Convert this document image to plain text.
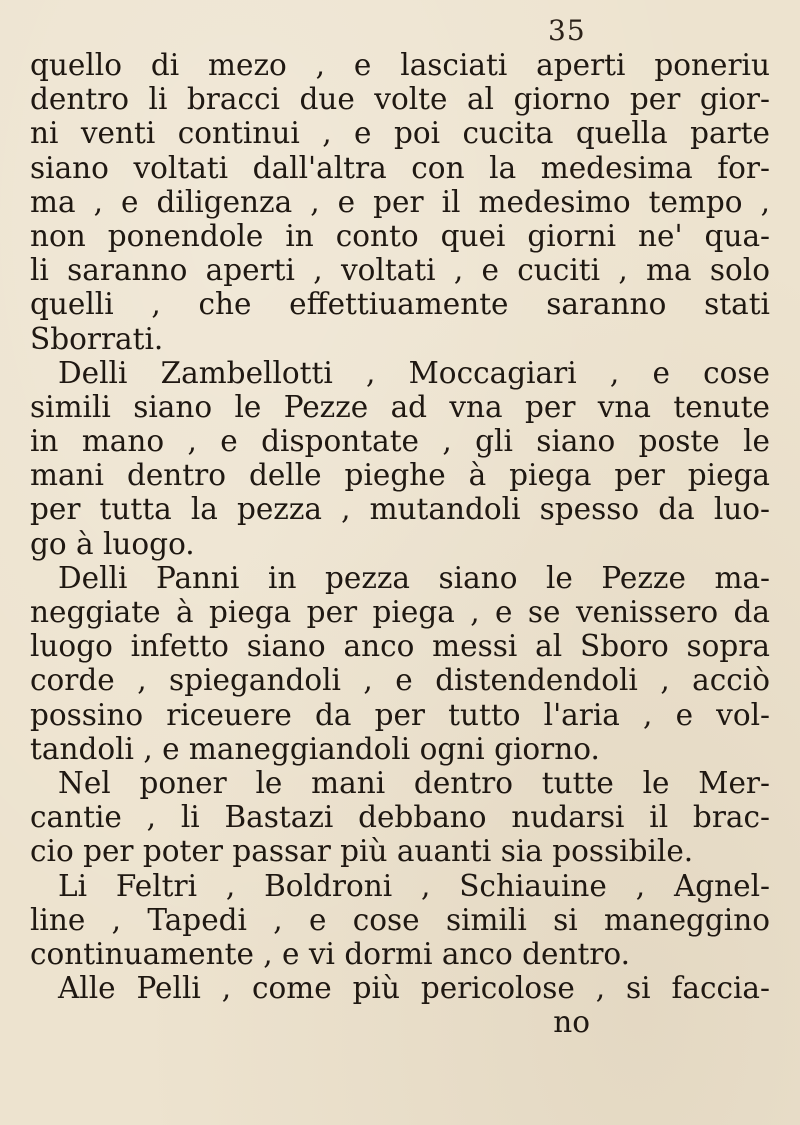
35
quello di mezo , e lasciati aperti poneriu
dentro li bracci due volte al giorno per gior-
ni venti continui , e poi cucita quella parte
siano voltati dall'altra con la medesima for-
ma , e diligenza , e per il medesimo tempo ,
non ponendole in conto quei giorni ne' qua-
li saranno aperti , voltati , e cuciti , ma solo
quelli , che effettiuamente saranno stati
Sborrati.
Delli Zambellotti , Moccagiari , e cose
simili siano le Pezze ad vna per vna tenute
in mano , e dispontate , gli siano poste le
mani dentro delle pieghe à piega per piega
per tutta la pezza , mutandoli spesso da luo-
go à luogo.
Delli Panni in pezza siano le Pezze ma-
neggiate à piega per piega , e se venissero da
luogo infetto siano anco messi al Sboro sopra
corde , spiegandoli , e distendendoli , acciò
possino riceuere da per tutto l'aria , e vol-
tandoli , e maneggiandoli ogni giorno.
Nel poner le mani dentro tutte le Mer-
cantie , li Bastazi debbano nudarsi il brac-
cio per poter passar più auanti sia possibile.
Li Feltri , Boldroni , Schiauine , Agnel-
line , Tapedi , e cose simili si maneggino
continuamente , e vi dormi anco dentro.
Alle Pelli , come più pericolose , si faccia-
no
